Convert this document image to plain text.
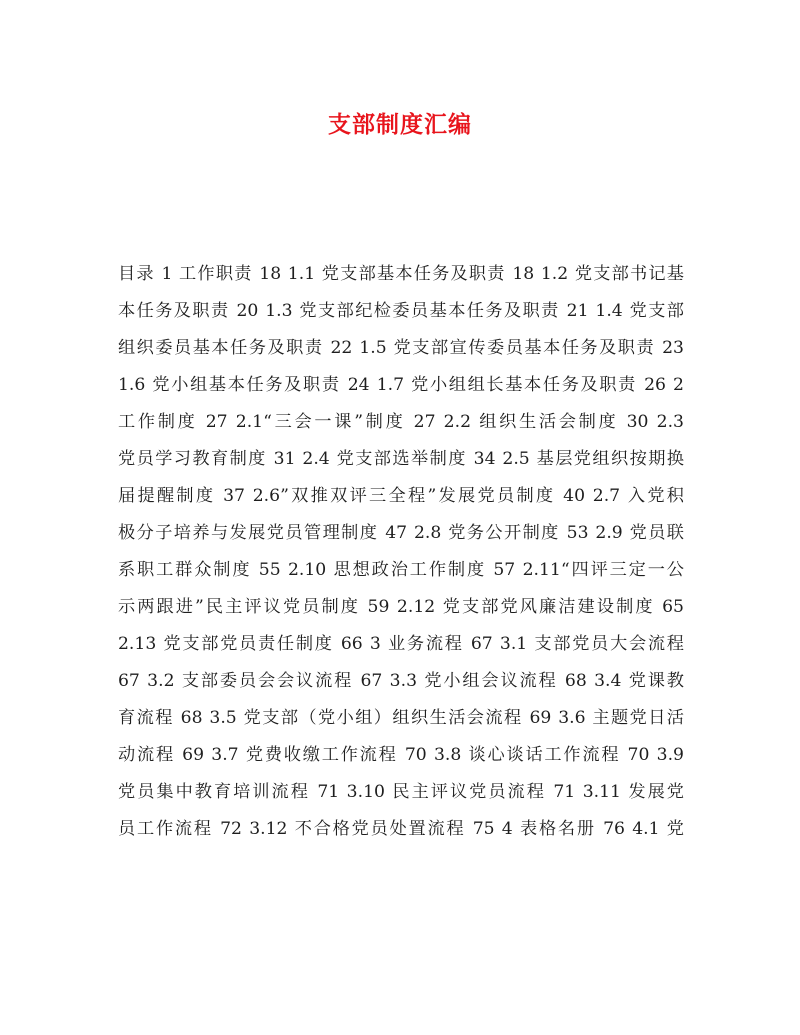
支部制度汇编
目录 1 工作职责 18 1.1 党支部基本任务及职责 18 1.2 党支部书记基
本任务及职责 20 1.3 党支部纪检委员基本任务及职责 21 1.4 党支部
组织委员基本任务及职责 22 1.5 党支部宣传委员基本任务及职责 23
1.6 党小组基本任务及职责 24 1.7 党小组组长基本任务及职责 26 2
工作制度 27 2.1“三会一课”制度 27 2.2 组织生活会制度 30 2.3
党员学习教育制度 31 2.4 党支部选举制度 34 2.5 基层党组织按期换
届提醒制度 37 2.6”双推双评三全程”发展党员制度 40 2.7 入党积
极分子培养与发展党员管理制度 47 2.8 党务公开制度 53 2.9 党员联
系职工群众制度 55 2.10 思想政治工作制度 57 2.11“四评三定一公
示两跟进”民主评议党员制度 59 2.12 党支部党风廉洁建设制度 65
2.13 党支部党员责任制度 66 3 业务流程 67 3.1 支部党员大会流程
67 3.2 支部委员会会议流程 67 3.3 党小组会议流程 68 3.4 党课教
育流程 68 3.5 党支部（党小组）组织生活会流程 69 3.6 主题党日活
动流程 69 3.7 党费收缴工作流程 70 3.8 谈心谈话工作流程 70 3.9
党员集中教育培训流程 71 3.10 民主评议党员流程 71 3.11 发展党
员工作流程 72 3.12 不合格党员处置流程 75 4 表格名册 76 4.1 党
